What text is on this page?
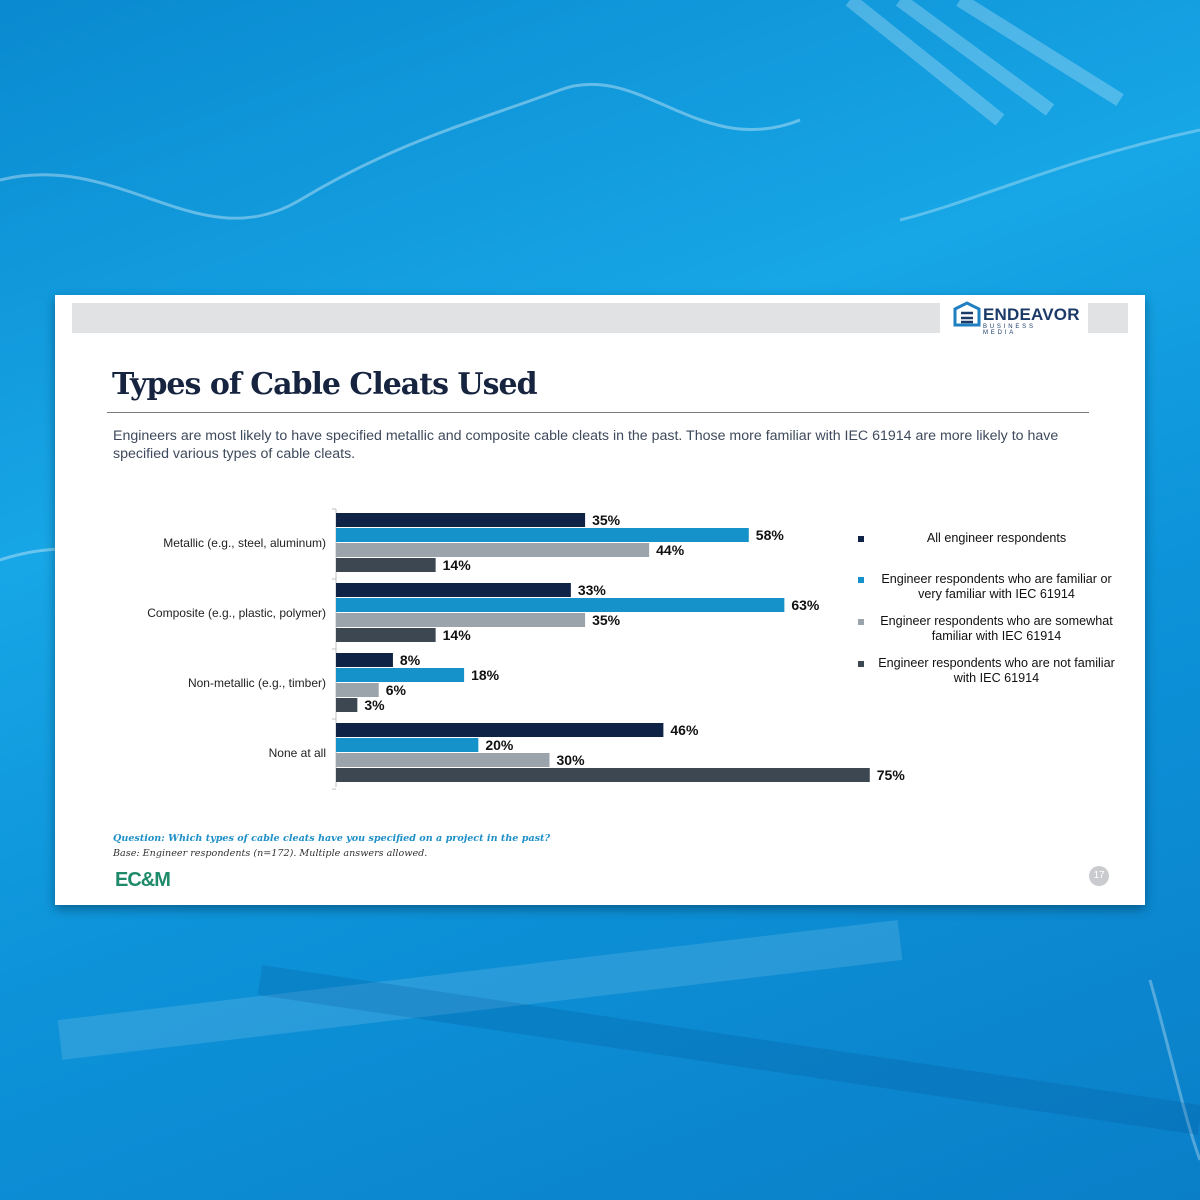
ENDEAVOR
BUSINESS MEDIA
Types of Cable Cleats Used
Engineers are most likely to have specified metallic and composite cable cleats in the past. Those more familiar with IEC 61914 are more likely to have specified various types of cable cleats.
Metallic (e.g., steel, aluminum)
35%
58%
44%
14%
Composite (e.g., plastic, polymer)
33%
63%
35%
14%
Non-metallic (e.g., timber)
8%
18%
6%
3%
None at all
46%
20%
30%
75%
All engineer respondents
Engineer respondents who are familiar or very familiar with IEC 61914
Engineer respondents who are somewhat familiar with IEC 61914
Engineer respondents who are not familiar with IEC 61914
Question: Which types of cable cleats have you specified on a project in the past?
Base: Engineer respondents (n=172). Multiple answers allowed.
EC&M	17
